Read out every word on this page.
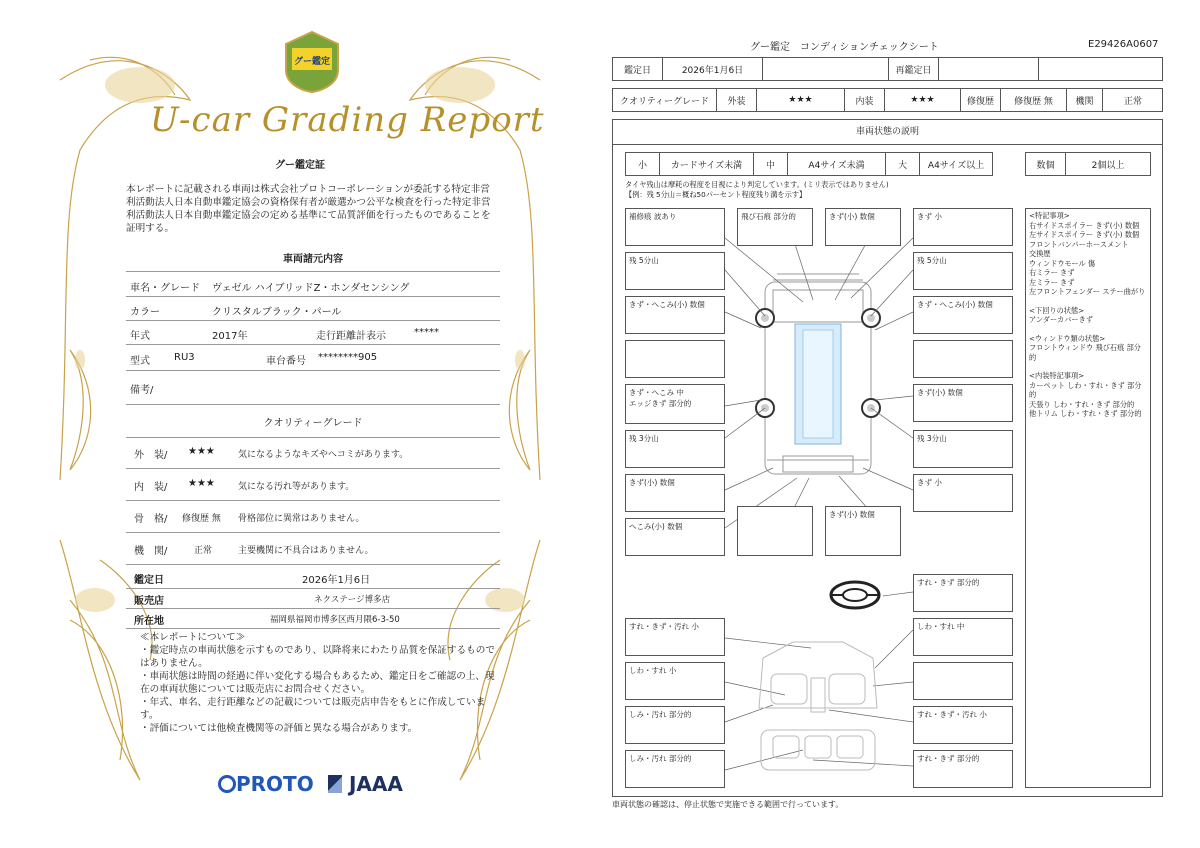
グー鑑定
U-car Grading Report
グー鑑定証
本レポートに記載される車両は株式会社プロトコーポレーションが委託する特定非営利活動法人日本自動車鑑定協会の資格保有者が厳選かつ公平な検査を行った特定非営利活動法人日本自動車鑑定協会の定める基準にて品質評価を行ったものであることを証明する。
車両諸元内容
車名・グレード ヴェゼル ハイブリッドZ・ホンダセンシング
カラー	クリスタルブラック・パール
年式	2017年	走行距離計表示	*****
型式 RU3	車台番号 ********905
備考/
クオリティーグレード
外　装/ ★★★	気になるようなキズやヘコミがあります。
内　装/ ★★★	気になる汚れ等があります。
骨　格/ 修復歴 無 骨格部位に異常はありません。
機　関/	正常	主要機関に不具合はありません。
鑑定日	2026年1月6日
販売店	ネクステージ博多店
所在地	福岡県福岡市博多区西月隈6-3-50
≪本レポートについて≫
・鑑定時点の車両状態を示すものであり、以降将来にわたり品質を保証するものではありません。
・車両状態は時間の経過に伴い変化する場合もあるため、鑑定日をご確認の上、現在の車両状態については販売店にお問合せください。
・年式、車名、走行距離などの記載については販売店申告をもとに作成しています。
・評価については他検査機関等の評価と異なる場合があります。
PROTO	JAAA
グー鑑定　コンディションチェックシート	E29426A0607
鑑定日	2026年1月6日	再鑑定日
クオリティーグレード	外装	★★★	内装	★★★	修復歴	修復歴 無	機関	正常
車両状態の説明
小	カードサイズ未満	中	A4サイズ未満	大	A4サイズ以上	数個	2個以上
タイヤ残山は摩耗の程度を目視により判定しています。(ミリ表示ではありません)
【例：残 5分山＝概ね50パーセント程度残り溝を示す】
補修痕 波あり	飛び石痕 部分的	きず(小) 数個	きず 小
残 5分山	残 5分山
きず・へこみ(小) 数個	きず・へこみ(小) 数個
きず・へこみ 中
エッジきず 部分的
きず(小) 数個
残 3分山	残 3分山
きず(小) 数個	きず 小
へこみ(小) 数個
きず(小) 数個
すれ・きず 部分的
すれ・きず・汚れ 小	しわ・すれ 中
しわ・すれ 小
しみ・汚れ 部分的	すれ・きず・汚れ 小
しみ・汚れ 部分的	すれ・きず 部分的
<特記事項>
右サイドスポイラー きず(小) 数個
左サイドスポイラー きず(小) 数個
フロントバンパーホースメント
交換歴
ウィンドウモール 傷
右ミラー きず
左ミラー きず
左フロントフェンダー ステー曲がり
<下回りの状態>
アンダーカバーきず
<ウィンドウ類の状態>
フロントウィンドウ 飛び石痕 部分的
<内装特記事項>
カーペット しわ・すれ・きず 部分的
天張り しわ・すれ・きず 部分的
他トリム しわ・すれ・きず 部分的
車両状態の確認は、停止状態で実施できる範囲で行っています。
